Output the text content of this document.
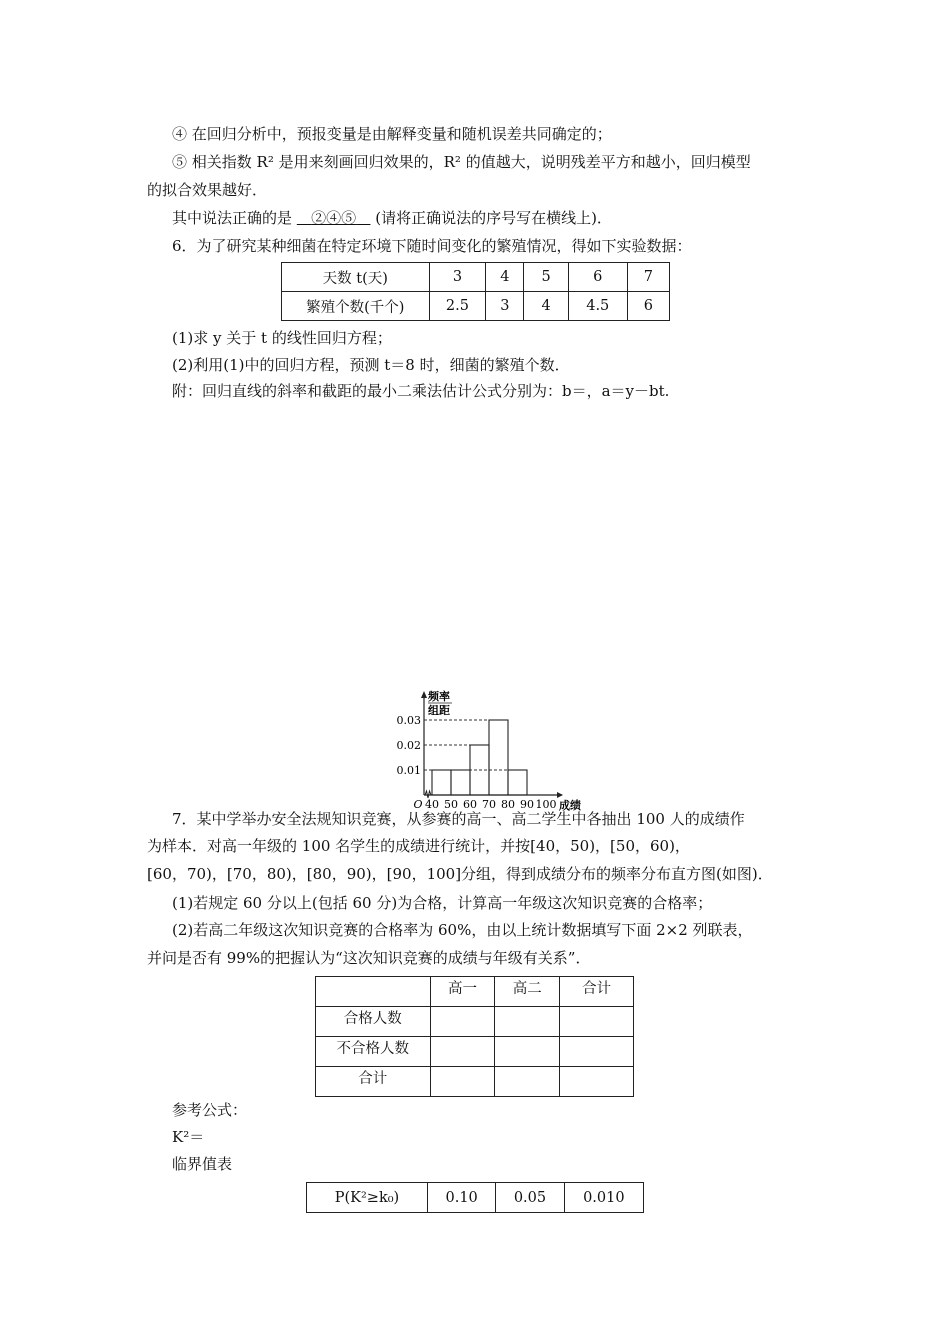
④ 在回归分析中，预报变量是由解释变量和随机误差共同确定的；
⑤ 相关指数 R² 是用来刻画回归效果的，R² 的值越大，说明残差平方和越小，回归模型
的拟合效果越好．
其中说法正确的是 ②④⑤ (请将正确说法的序号写在横线上)．
6．为了研究某种细菌在特定环境下随时间变化的繁殖情况，得如下实验数据：
天数 t(天)	3	4	5	6	7
繁殖个数(千个)	2.5	3	4	4.5	6
(1)求 y 关于 t 的线性回归方程；
(2)利用(1)中的回归方程，预测 t＝8 时，细菌的繁殖个数．
附：回归直线的斜率和截距的最小二乘法估计公式分别为：b＝，a＝y－bt.
0.01
0.02
0.03
40 50 60 70 80 90 100
O	成绩
频率
组距
7．某中学举办安全法规知识竞赛，从参赛的高一、高二学生中各抽出 100 人的成绩作
为样本．对高一年级的 100 名学生的成绩进行统计，并按[40，50)，[50，60)，
[60，70)，[70，80)，[80，90)，[90，100]分组，得到成绩分布的频率分布直方图(如图)．
(1)若规定 60 分以上(包括 60 分)为合格，计算高一年级这次知识竞赛的合格率；
(2)若高二年级这次知识竞赛的合格率为 60%，由以上统计数据填写下面 2×2 列联表，
并问是否有 99%的把握认为“这次知识竞赛的成绩与年级有关系”．
	高一	高二	合计
合格人数			
不合格人数			
合计			
参考公式：
K²＝
临界值表
P(K²≥k₀)	0.10	0.05	0.010
